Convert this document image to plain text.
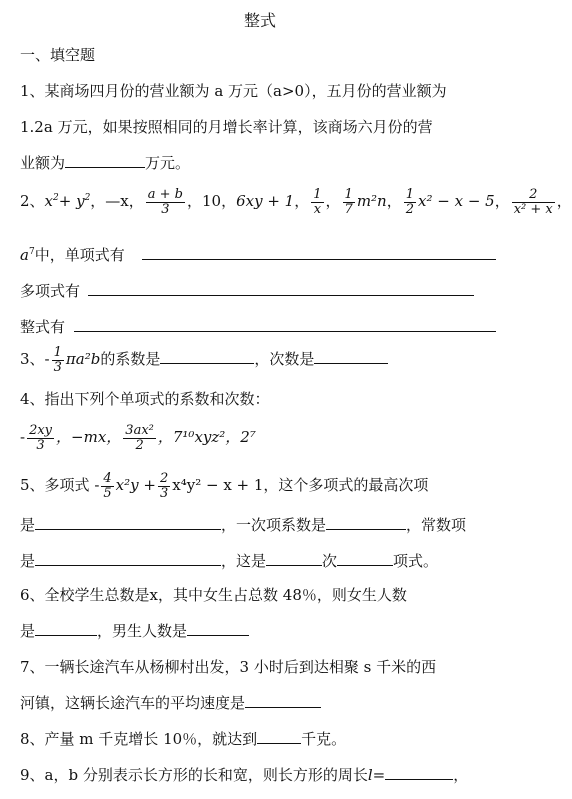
整式
一、填空题
1、某商场四月份的营业额为 a 万元（a>0），五月份的营业额为
1.2a 万元，如果按照相同的月增长率计算，该商场六月份的营
业额为	万元。
2、$x^2+ y^2$，—x， $\frac{a + b}{3}$ ，10，6xy + 1， $\frac{1}{x}$ ， $\frac{1}{7} m^2n$， $\frac{1}{2} x^2 - x - 5$， $\frac{2}{\text{x² + x}}$ ，
$a^7$中，单项式有
多项式有
整式有
3、- $\frac{1}{3} \pi a^2b$的系数是	，次数是
4、指出下列个单项式的系数和次数：
- $\frac{2xy}{3}$ ，−mx， $\frac{\text{3ax²}}{2}$ ，7¹⁰xyz²，2⁷
5、多项式 - $\frac{4}{5} x^2y + \frac{2}{3} x^4y^2 - x + 1$，这个多项式的最高次项
是	，一次项系数是	，常数项
是	，这是	次	项式。
6、全校学生总数是x，其中女生占总数 48％，则女生人数
是	，男生人数是
7、一辆长途汽车从杨柳村出发，3 小时后到达相聚 s 千米的西
河镇，这辆长途汽车的平均速度是
8、产量 m 千克增长 10％，就达到	千克。
9、a，b 分别表示长方形的长和宽，则长方形的周长l=	，
